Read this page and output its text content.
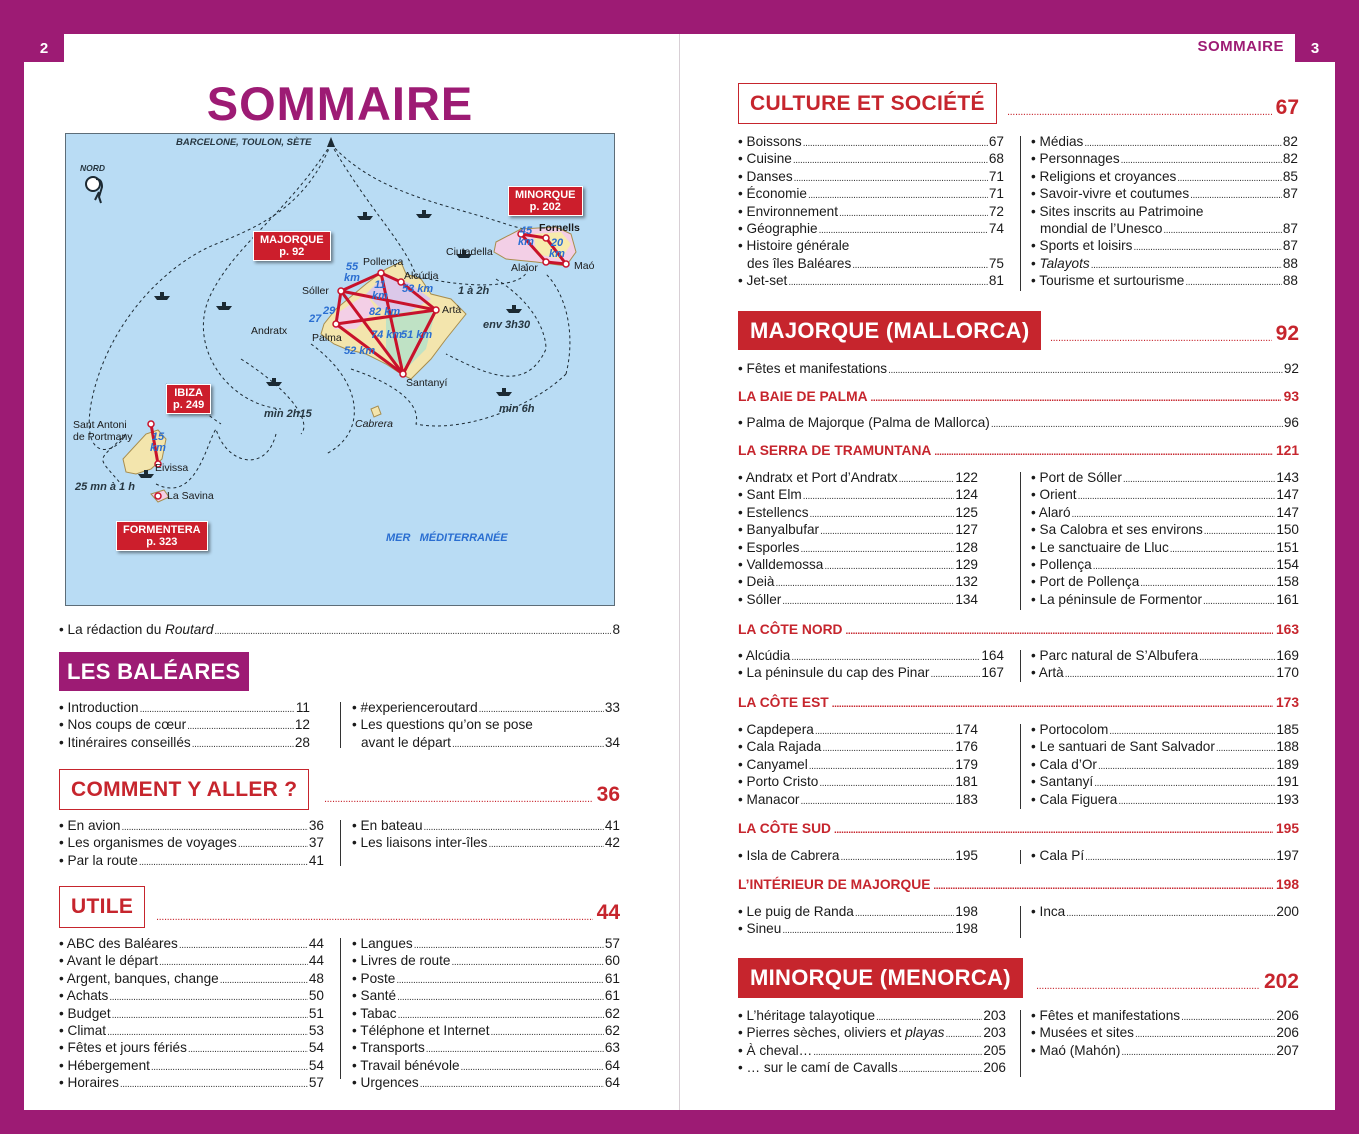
2	3
SOMMAIRE
SOMMAIRE
BARCELONE, TOULON, SÈTE
NORD
MAJORQUE
p. 92
MINORQUE
p. 202
IBIZA
p. 249
FORMENTERA
p. 323
Fornells
Ciutadella
Alaior	Maó
Pollença
Alcúdia
Sóller
Artà
Andratx
Palma
Santanyí
Cabrera
Sant Antoni
de Portmany
Eivissa
La Savina
1 à 2h
env 3h30
min 2h15	min 6h
25 mn à 1 h
45
km 20
km
55
km
11
km
53 km
82 km
27
29
74 km
51 km
52 km
15
km
MER   MÉDITERRANÉE
• La rédaction du Routard .....	8
LES BALÉARES
• Introduction .....	11
• Nos coups de cœur .....	12
• Itinéraires conseillés .....	28
• #experienceroutard .....	33
• Les questions qu’on se pose
avant le départ .....	34
COMMENT Y ALLER ? .....	36
• En avion .....	36
• Les organismes de voyages .....	37
• Par la route .....	41
• En bateau .....	41
• Les liaisons inter-îles .....	42
UTILE .....	44
• ABC des Baléares .....	44
• Avant le départ .....	44
• Argent, banques, change .....	48
• Achats .....	50
• Budget .....	51
• Climat .....	53
• Fêtes et jours fériés .....	54
• Hébergement .....	54
• Horaires .....	57
• Langues .....	57
• Livres de route .....	60
• Poste .....	61
• Santé .....	61
• Tabac .....	62
• Téléphone et Internet .....	62
• Transports .....	63
• Travail bénévole .....	64
• Urgences .....	64
CULTURE ET SOCIÉTÉ .....	67
• Boissons .....	67
• Cuisine .....	68
• Danses .....	71
• Économie .....	71
• Environnement .....	72
• Géographie .....	74
• Histoire générale
des îles Baléares .....	75
• Jet-set .....	81
• Médias .....	82
• Personnages .....	82
• Religions et croyances .....	85
• Savoir-vivre et coutumes .....	87
• Sites inscrits au Patrimoine
mondial de l’Unesco .....	87
• Sports et loisirs .....	87
• Talayots .....	88
• Tourisme et surtourisme .....	88
MAJORQUE (MALLORCA) .....	92
• Fêtes et manifestations .....	92
LA BAIE DE PALMA .....	93
• Palma de Majorque (Palma de Mallorca) .....	96
LA SERRA DE TRAMUNTANA .....	121
• Andratx et Port d’Andratx .....	122
• Sant Elm .....	124
• Estellencs .....	125
• Banyalbufar .....	127
• Esporles .....	128
• Valldemossa .....	129
• Deià .....	132
• Sóller .....	134
• Port de Sóller .....	143
• Orient .....	147
• Alaró .....	147
• Sa Calobra et ses environs .....	150
• Le sanctuaire de Lluc .....	151
• Pollença .....	154
• Port de Pollença .....	158
• La péninsule de Formentor .....	161
LA CÔTE NORD .....	163
• Alcúdia .....	164
• La péninsule du cap des Pinar .....	167
• Parc natural de S’Albufera .....	169
• Artà .....	170
LA CÔTE EST .....	173
• Capdepera .....	174
• Cala Rajada .....	176
• Canyamel .....	179
• Porto Cristo .....	181
• Manacor .....	183
• Portocolom .....	185
• Le santuari de Sant Salvador .....	188
• Cala d’Or .....	189
• Santanyí .....	191
• Cala Figuera .....	193
LA CÔTE SUD .....	195
• Isla de Cabrera .....	195	• Cala Pí .....	197
L’INTÉRIEUR DE MAJORQUE .....	198
• Le puig de Randa .....	198
• Sineu .....	198
• Inca .....	200
MINORQUE (MENORCA) .....	202
• L’héritage talayotique .....	203
• Pierres sèches, oliviers et playas .....	203
• À cheval… .....	205
• … sur le camí de Cavalls .....	206
• Fêtes et manifestations .....	206
• Musées et sites .....	206
• Maó (Mahón) .....	207
